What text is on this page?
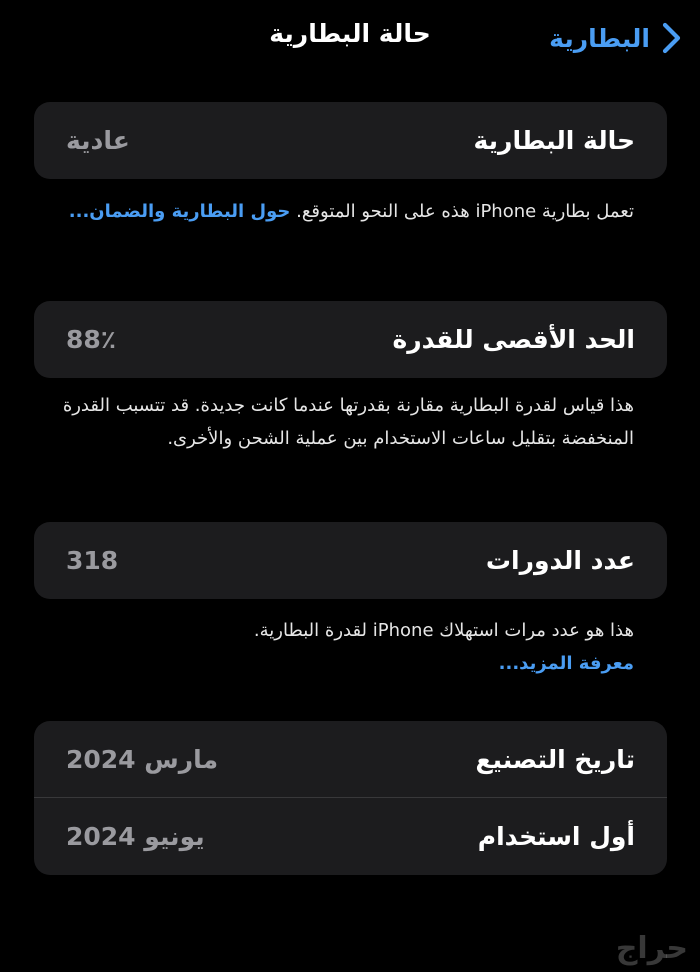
البطارية
حالة البطارية
حالة البطارية
عادية
تعمل بطارية iPhone هذه على النحو المتوقع. حول البطارية والضمان...
الحد الأقصى للقدرة
88٪
هذا قياس لقدرة البطارية مقارنة بقدرتها عندما كانت جديدة. قد تتسبب القدرة المنخفضة بتقليل ساعات الاستخدام بين عملية الشحن والأخرى.
عدد الدورات
318
هذا هو عدد مرات استهلاك iPhone لقدرة البطارية.
معرفة المزيد...
تاريخ التصنيع
مارس 2024
أول استخدام
يونيو 2024
حراج
